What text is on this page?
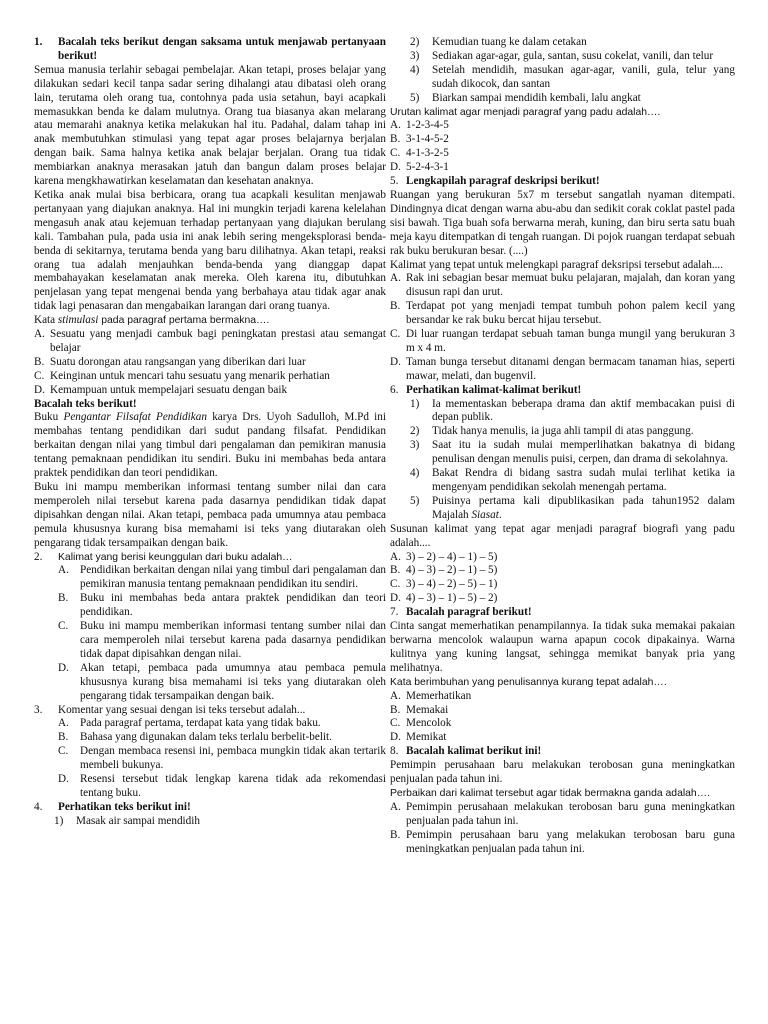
1.	Bacalah teks berikut dengan saksama untuk menjawab pertanyaan berikut!

Semua manusia terlahir sebagai pembelajar. Akan tetapi, proses belajar yang dilakukan sedari kecil tanpa sadar sering dihalangi atau dibatasi oleh orang lain, terutama oleh orang tua, contohnya pada usia setahun, bayi acapkali memasukkan benda ke dalam mulutnya. Orang tua biasanya akan melarang atau memarahi anaknya ketika melakukan hal itu. Padahal, dalam tahap ini anak membutuhkan stimulasi yang tepat agar proses belajarnya berjalan dengan baik. Sama halnya ketika anak belajar berjalan. Orang tua tidak membiarkan anaknya merasakan jatuh dan bangun dalam proses belajar karena mengkhawatirkan keselamatan dan kesehatan anaknya.

Ketika anak mulai bisa berbicara, orang tua acapkali kesulitan menjawab pertanyaan yang diajukan anaknya. Hal ini mungkin terjadi karena kelelahan mengasuh anak atau kejemuan terhadap pertanyaan yang diajukan berulang kali. Tambahan pula, pada usia ini anak lebih sering mengeksplorasi benda-benda di sekitarnya, terutama benda yang baru dilihatnya. Akan tetapi, reaksi orang tua adalah menjauhkan benda-benda yang dianggap dapat membahayakan keselamatan anak mereka. Oleh karena itu, dibutuhkan penjelasan yang tepat mengenai benda yang berbahaya atau tidak agar anak tidak lagi penasaran dan mengabaikan larangan dari orang tuanya.

Kata stimulasi pada paragraf pertama bermakna….

A. Sesuatu yang menjadi cambuk bagi peningkatan prestasi atau semangat belajar
B. Suatu dorongan atau rangsangan yang diberikan dari luar
C. Keinginan untuk mencari tahu sesuatu yang menarik perhatian
D. Kemampuan untuk mempelajari sesuatu dengan baik

Bacalah teks berikut!

Buku Pengantar Filsafat Pendidikan karya Drs. Uyoh Sadulloh, M.Pd ini membahas tentang pendidikan dari sudut pandang filsafat. Pendidikan berkaitan dengan nilai yang timbul dari pengalaman dan pemikiran manusia tentang pemaknaan pendidikan itu sendiri. Buku ini membahas beda antara praktek pendidikan dan teori pendidikan.

Buku ini mampu memberikan informasi tentang sumber nilai dan cara memperoleh nilai tersebut karena pada dasarnya pendidikan tidak dapat dipisahkan dengan nilai. Akan tetapi, pembaca pada umumnya atau pembaca pemula khususnya kurang bisa memahami isi teks yang diutarakan oleh pengarang tidak tersampaikan dengan baik.

2.	Kalimat yang berisi keunggulan dari buku adalah…
A. Pendidikan berkaitan dengan nilai yang timbul dari pengalaman dan pemikiran manusia tentang pemaknaan pendidikan itu sendiri.
B.	Buku ini membahas beda antara praktek pendidikan dan teori pendidikan.
C.	Buku ini mampu memberikan informasi tentang sumber nilai dan cara memperoleh nilai tersebut karena pada dasarnya pendidikan tidak dapat dipisahkan dengan nilai.
D. Akan tetapi, pembaca pada umumnya atau pembaca pemula khususnya kurang bisa memahami isi teks yang diutarakan oleh pengarang tidak tersampaikan dengan baik.
3.	Komentar yang sesuai dengan isi teks tersebut adalah...
A. Pada paragraf pertama, terdapat kata yang tidak baku.
B.	Bahasa yang digunakan dalam teks terlalu berbelit-belit.
C.	Dengan membaca resensi ini, pembaca mungkin tidak akan tertarik membeli bukunya.
D. Resensi tersebut tidak lengkap karena tidak ada rekomendasi tentang buku.
4.	Perhatikan teks berikut ini!
1)	Masak air sampai mendidih
2)	Kemudian tuang ke dalam cetakan
3)	Sediakan agar-agar, gula, santan, susu cokelat, vanili, dan telur
4)	Setelah mendidih, masukan agar-agar, vanili, gula, telur yang sudah dikocok, dan santan
5)	Biarkan sampai mendidih kembali, lalu angkat

Urutan kalimat agar menjadi paragraf yang padu adalah….

A. 1-2-3-4-5
B. 3-1-4-5-2
C. 4-1-3-2-5
D. 5-2-4-3-1
5. Lengkapilah paragraf deskripsi berikut!

Ruangan yang berukuran 5x7 m tersebut sangatlah nyaman ditempati. Dindingnya dicat dengan warna abu-abu dan sedikit corak coklat pastel pada sisi bawah. Tiga buah sofa berwarna merah, kuning, dan biru serta satu buah meja kayu ditempatkan di tengah ruangan. Di pojok ruangan terdapat sebuah rak buku berukuran besar. (....)

Kalimat yang tepat untuk melengkapi paragraf deksripsi tersebut adalah....

A. Rak ini sebagian besar memuat buku pelajaran, majalah, dan koran yang disusun rapi dan urut.
B. Terdapat pot yang menjadi tempat tumbuh pohon palem kecil yang bersandar ke rak buku bercat hijau tersebut.
C. Di luar ruangan terdapat sebuah taman bunga mungil yang berukuran 3 m x 4 m.
D. Taman bunga tersebut ditanami dengan bermacam tanaman hias, seperti mawar, melati, dan bugenvil.
6. Perhatikan kalimat-kalimat berikut!
1)	Ia mementaskan beberapa drama dan aktif membacakan puisi di depan publik.
2)	Tidak hanya menulis, ia juga ahli tampil di atas panggung.
3)	Saat itu ia sudah mulai memperlihatkan bakatnya di bidang penulisan dengan menulis puisi, cerpen, dan drama di sekolahnya.
4)	Bakat Rendra di bidang sastra sudah mulai terlihat ketika ia mengenyam pendidikan sekolah menengah pertama.
5)	Puisinya pertama kali dipublikasikan pada tahun1952 dalam Majalah Siasat.

Susunan kalimat yang tepat agar menjadi paragraf biografi yang padu adalah....

A. 3) – 2) – 4) – 1) – 5)
B. 4) – 3) – 2) – 1) – 5)
C. 3) – 4) – 2) – 5) – 1)
D. 4) – 3) – 1) – 5) – 2)
7. Bacalah paragraf berikut!

Cinta sangat memerhatikan penampilannya. Ia tidak suka memakai pakaian berwarna mencolok walaupun warna apapun cocok dipakainya. Warna kulitnya yang kuning langsat, sehingga memikat banyak pria yang melihatnya.

Kata berimbuhan yang penulisannya kurang tepat adalah….

A. Memerhatikan
B. Memakai
C. Mencolok
D. Memikat
8. Bacalah kalimat berikut ini!

Pemimpin perusahaan baru melakukan terobosan guna meningkatkan penjualan pada tahun ini.

Perbaikan dari kalimat tersebut agar tidak bermakna ganda adalah….

A. Pemimpin perusahaan melakukan terobosan baru guna meningkatkan penjualan pada tahun ini.
B. Pemimpin perusahaan baru yang melakukan terobosan baru guna meningkatkan penjualan pada tahun ini.
